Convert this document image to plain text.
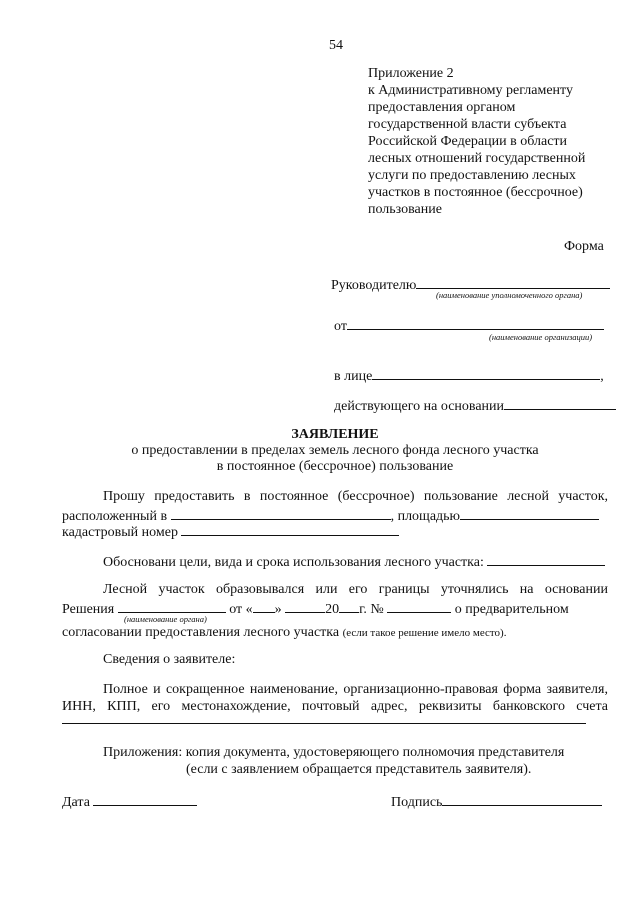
54
Приложение 2
к Административному регламенту
предоставления органом
государственной власти субъекта
Российской Федерации в области
лесных отношений государственной
услуги по предоставлению лесных
участков в постоянное (бессрочное)
пользование
Форма
Руководителю
(наименование уполномоченного органа)
от
(наименование организации)
в лице	,
действующего на основании
ЗАЯВЛЕНИЕ
о предоставлении в пределах земель лесного фонда лесного участка
в постоянное (бессрочное) пользование
Прошу предоставить в постоянное (бессрочное) пользование лесной участок,
расположенный в	, площадью
кадастровый номер
Обосновани цели, вида и срока использования лесного участка:
Лесной участок образовывался или его границы уточнялись на основании
Решения	от « »	20 г. №	о предварительном
(наименование органа)
согласовании предоставления лесного участка (если такое решение имело место).
Сведения о заявителе:
Полное и сокращенное наименование, организационно-правовая форма заявителя,
ИНН, КПП, его местонахождение, почтовый адрес, реквизиты банковского счета
Приложения: копия документа, удостоверяющего полномочия представителя
(если с заявлением обращается представитель заявителя).
Дата	Подпись
